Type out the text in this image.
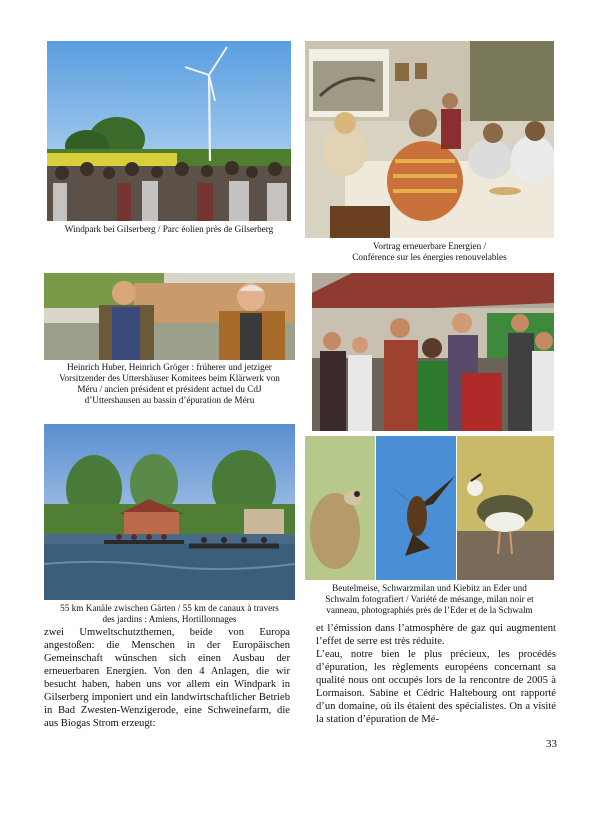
Windpark bei Gilserberg / Parc éolien près de Gilserberg
Vortrag erneuerbare Energien /
Conférence sur les énergies renouvelables
Heinrich Huber, Heinrich Gröger : früherer und jetziger
Vorsitzender des Uttershäuser Komitees beim Klärwerk von
Méru / ancien président et président actuel du CdJ
d’Uttershausen au bassin d’épuration de Méru
55 km Kanäle zwischen Gärten / 55 km de canaux à travers
des jardins : Amiens, Hortillonnages
Beutelmeise, Schwarzmilan und Kiebitz an Eder und
Schwalm fotografiert / Variété de mésange, milan noir et
vanneau, photographiés près de l’Eder et de la Schwalm

zwei Umweltschutzthemen, beide von Europa angestoßen: die Menschen in der Europäischen Gemeinschaft wünschen sich einen Ausbau der erneuerbaren Energien. Von den 4 Anlagen, die wir besucht haben, haben uns vor allem ein Windpark in Gilserberg imponiert und ein landwirtschaftlicher Betrieb in Bad Zwesten-Wenzigerode, eine Schweinefarm, die aus Biogas Strom erzeugt:

et l’émission dans l’atmosphère de gaz qui augmentent l’effet de serre est très réduite.

L’eau, notre bien le plus précieux, les procédés d’épuration, les règlements européens concernant sa qualité nous ont occupés lors de la rencontre de 2005 à Lormaison. Sabine et Cédric Haltebourg ont rapporté d’un domaine, où ils étaient des spécialistes. On a visité la station d’épuration de Mé-

33
